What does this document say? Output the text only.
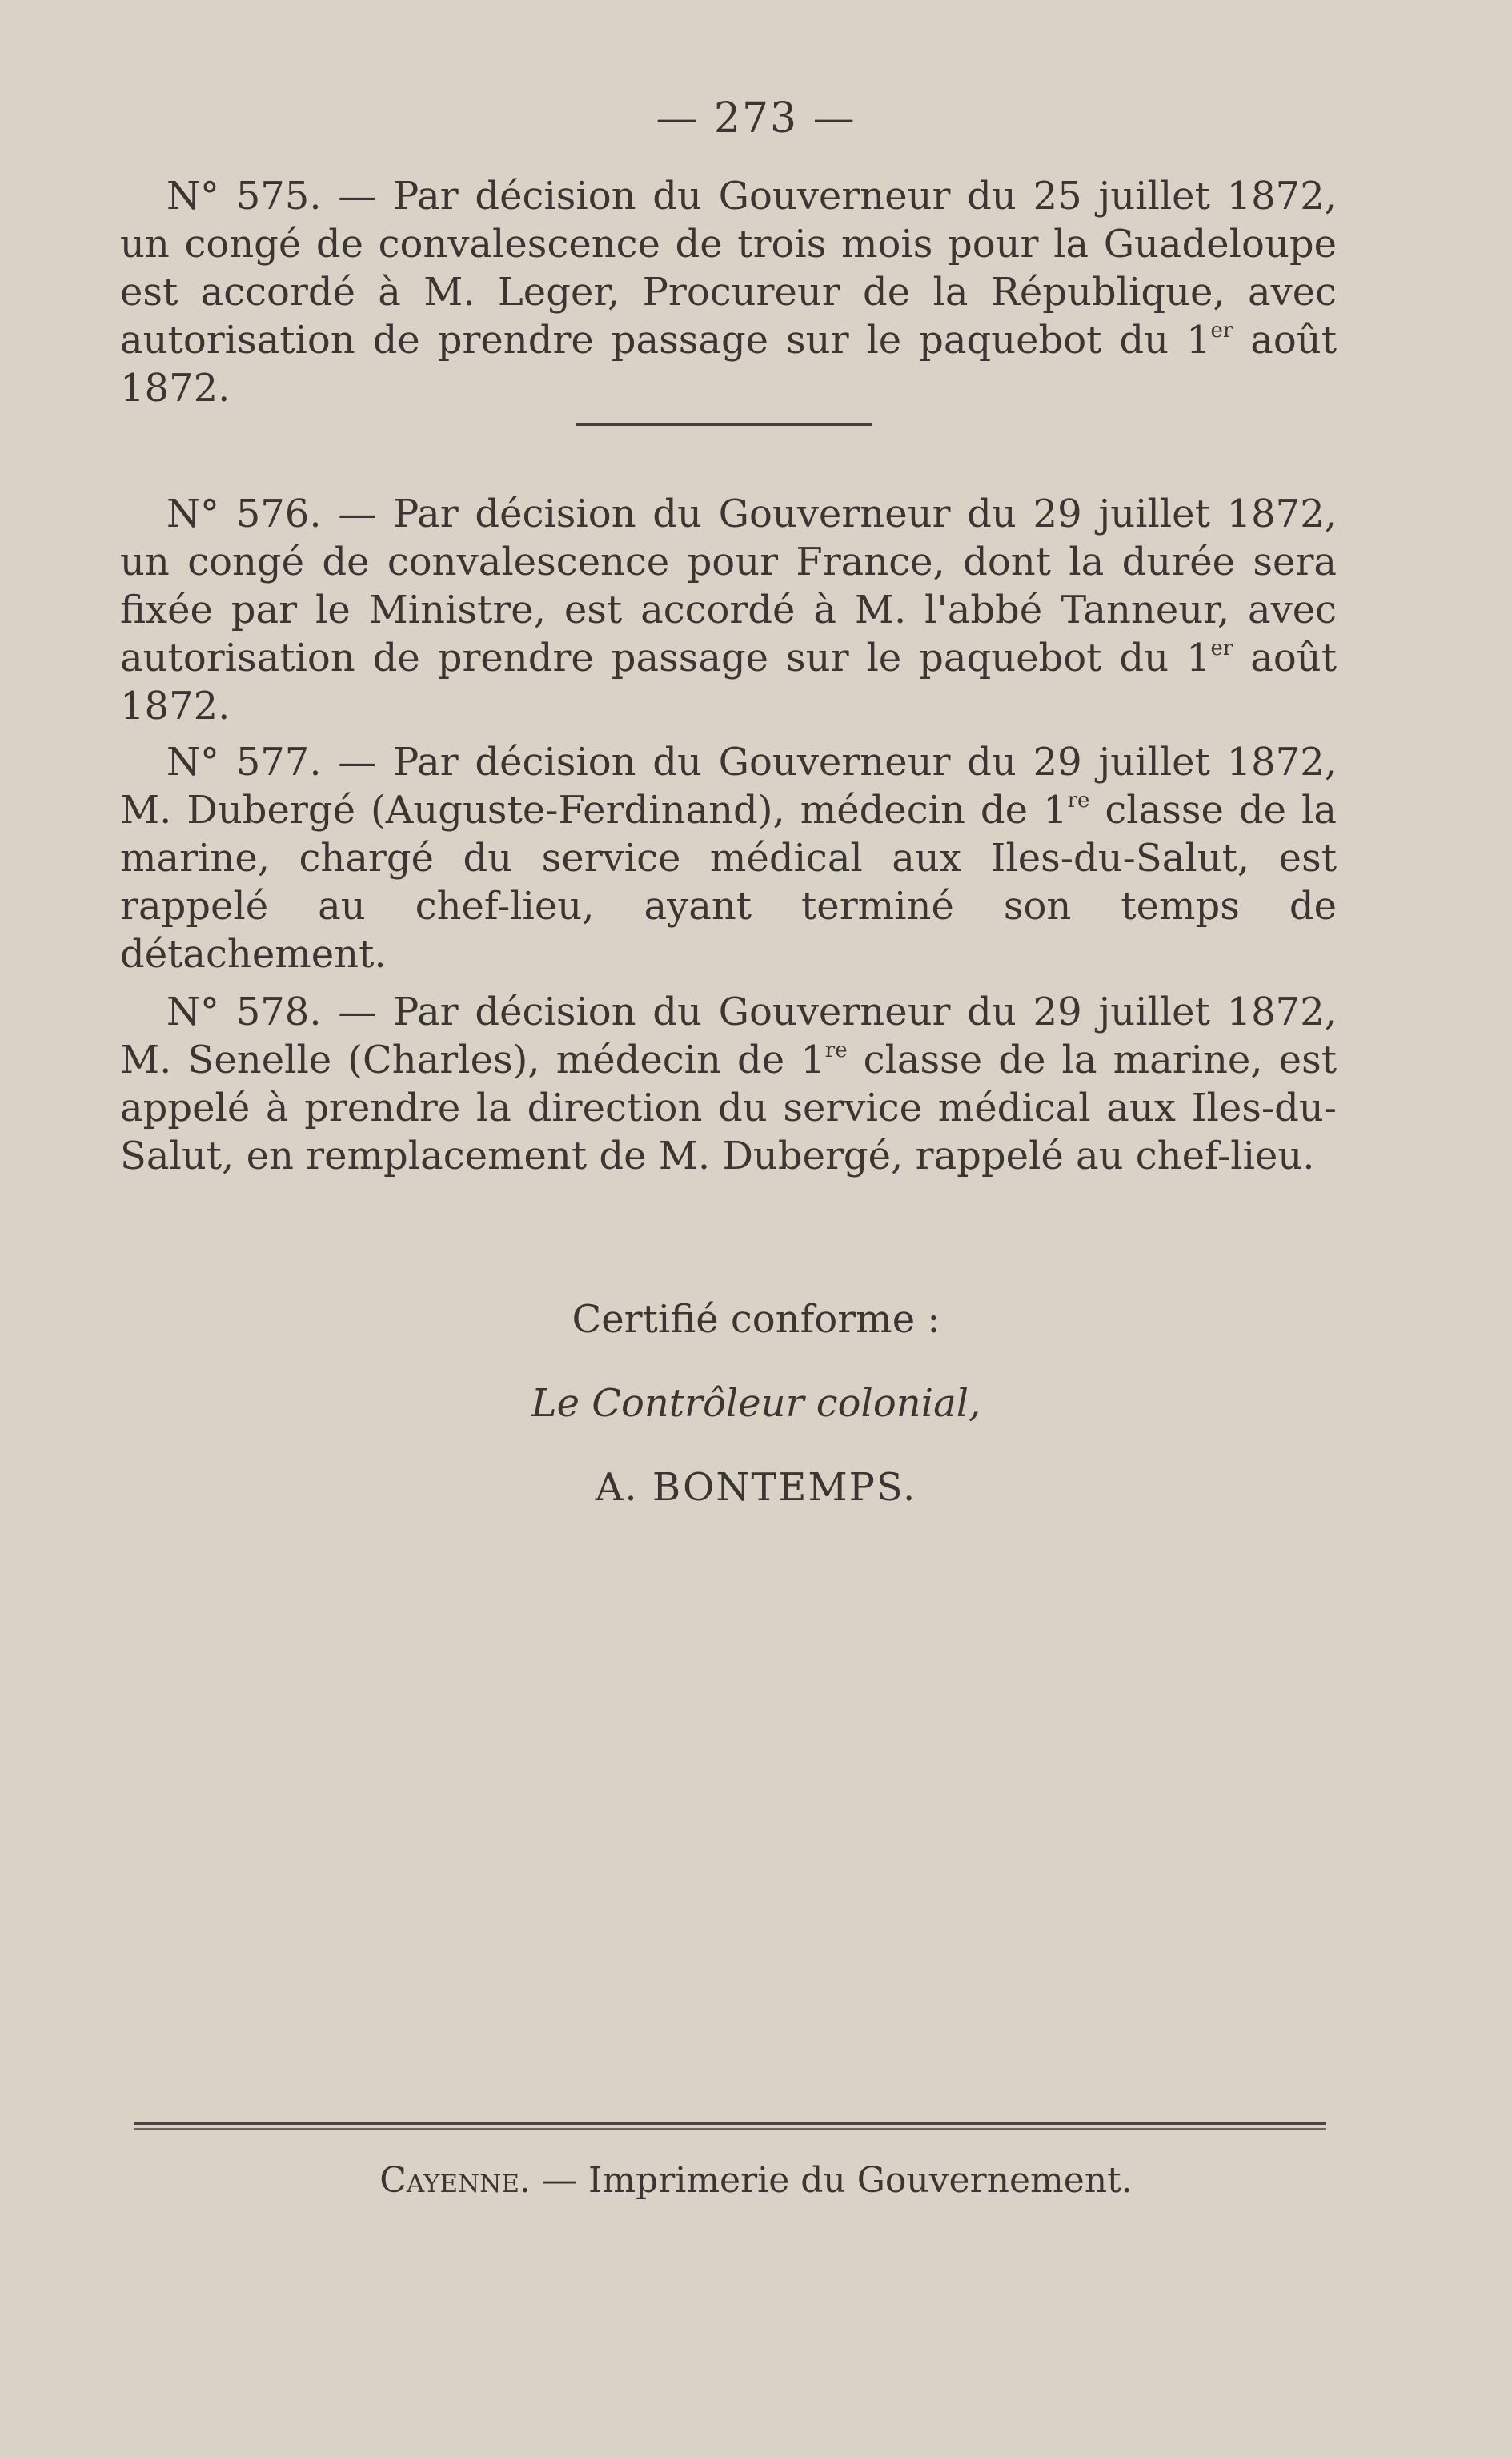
— 273 —

N° 575. — Par décision du Gouverneur du 25 juillet 1872, un congé de convalescence de trois mois pour la Guadeloupe est accordé à M. Leger, Procureur de la République, avec autorisation de prendre passage sur le paquebot du 1er août 1872.

N° 576. — Par décision du Gouverneur du 29 juillet 1872, un congé de convalescence pour France, dont la durée sera fixée par le Ministre, est accordé à M. l'abbé Tanneur, avec autorisation de prendre passage sur le paquebot du 1er août 1872.

N° 577. — Par décision du Gouverneur du 29 juillet 1872, M. Dubergé (Auguste-Ferdinand), médecin de 1re classe de la marine, chargé du service médical aux Iles-du-Salut, est rappelé au chef-lieu, ayant terminé son temps de détachement.

N° 578. — Par décision du Gouverneur du 29 juillet 1872, M. Senelle (Charles), médecin de 1re classe de la marine, est appelé à prendre la direction du service médical aux Iles-du-Salut, en remplacement de M. Dubergé, rappelé au chef-lieu.

Certifié conforme :
Le Contrôleur colonial,
A. BONTEMPS.
Cayenne. — Imprimerie du Gouvernement.
